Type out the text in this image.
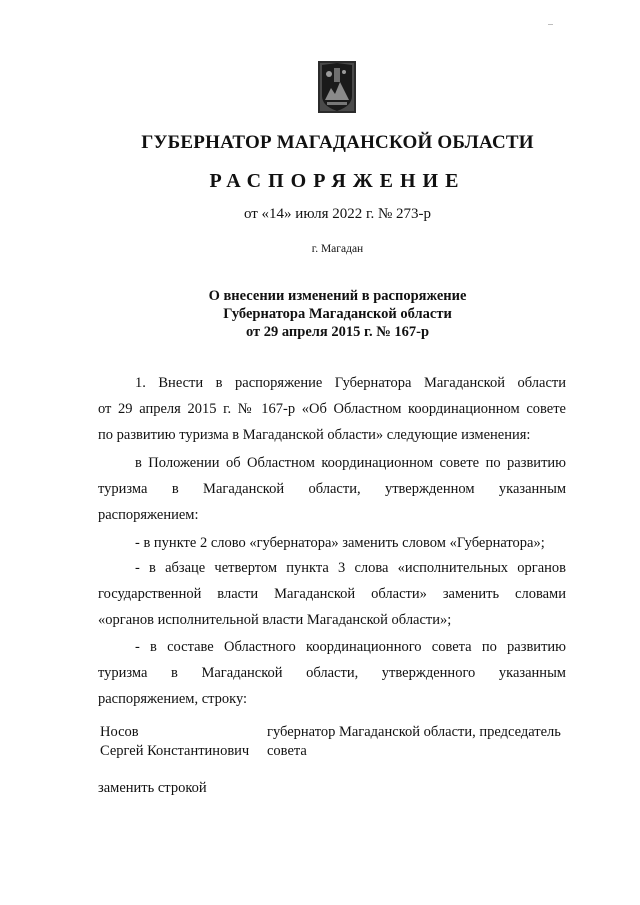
ГУБЕРНАТОР МАГАДАНСКОЙ ОБЛАСТИ
РАСПОРЯЖЕНИЕ
от «14» июля 2022 г. № 273-р
г. Магадан
О внесении изменений в распоряжение
Губернатора Магаданской области
от 29 апреля 2015 г. № 167-р
1. Внести в распоряжение Губернатора Магаданской области
от 29 апреля 2015 г. № 167-р «Об Областном координационном совете
по развитию туризма в Магаданской области» следующие изменения:
в Положении об Областном координационном совете по развитию
туризма в Магаданской области, утвержденном указанным
распоряжением:
- в пункте 2 слово «губернатора» заменить словом «Губернатора»;
- в абзаце четвертом пункта 3 слова «исполнительных органов
государственной власти Магаданской области» заменить словами
«органов исполнительной власти Магаданской области»;
- в составе Областного координационного совета по развитию
туризма в Магаданской области, утвержденного указанным
распоряжением, строку:
Носов
Сергей Константинович
губернатор Магаданской области, председатель
совета
заменить строкой
